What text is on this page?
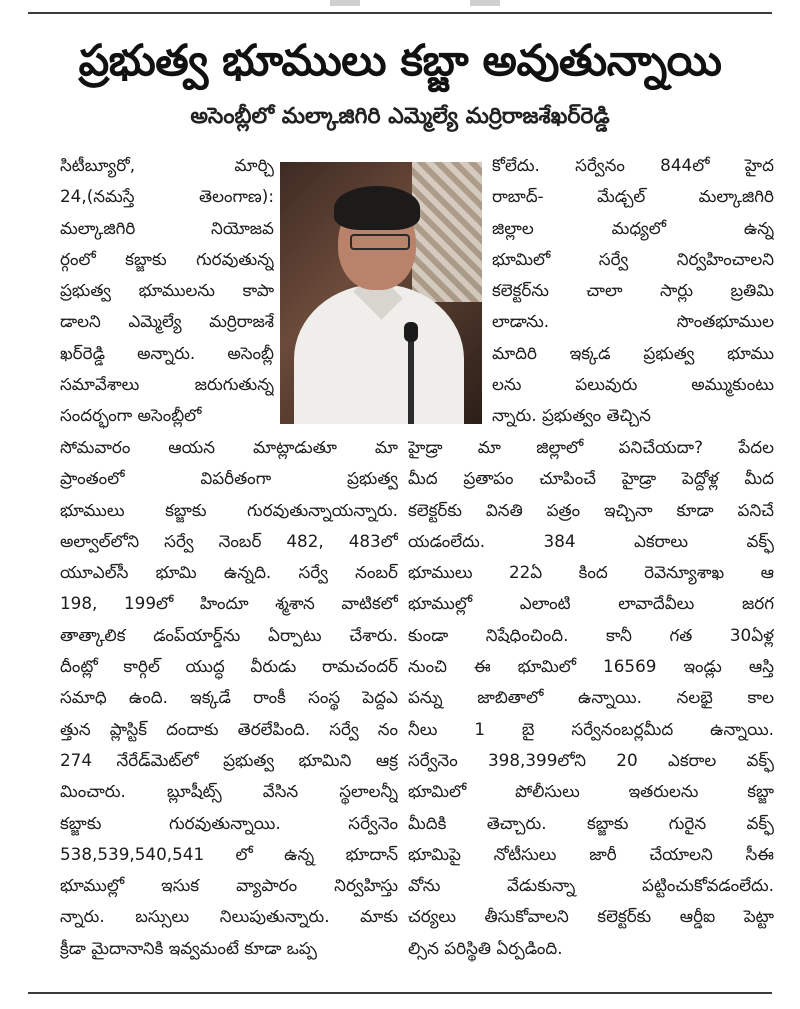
ప్రభుత్వ భూములు కబ్జా అవుతున్నాయి
అసెంబ్లీలో మల్కాజిగిరి ఎమ్మెల్యే మర్రిరాజశేఖర్‌రెడ్డి
సిటీబ్యూరో, మార్చి
24,(నమస్తే తెలంగాణ):
మల్కాజిగిరి నియోజవ
ర్గంలో కబ్జాకు గురవుతున్న
ప్రభుత్వ భూములను కాపా
డాలని ఎమ్మెల్యే మర్రిరాజశే
ఖర్‌రెడ్డి అన్నారు. అసెంబ్లీ
సమావేశాలు జరుగుతున్న
సందర్భంగా అసెంబ్లీలో
కోలేదు. సర్వేనం 844లో హైద
రాబాద్- మేడ్చల్ మల్కాజిగిరి
జిల్లాల మధ్యలో ఉన్న
భూమిలో సర్వే నిర్వహించాలని
కలెక్టర్‌ను చాలా సార్లు బ్రతిమి
లాడాను. సొంతభూముల
మాదిరి ఇక్కడ ప్రభుత్వ భూము
లను పలువురు అమ్ముకుంటు
న్నారు. ప్రభుత్వం తెచ్చిన
సోమవారం ఆయన మాట్లాడుతూ మా
ప్రాంతంలో విపరీతంగా ప్రభుత్వ
భూములు కబ్జాకు గురవుతున్నాయన్నారు.
అల్వాల్‌లోని సర్వే నెంబర్ 482, 483లో
యూఎల్‌సీ భూమి ఉన్నది. సర్వే నంబర్
198, 199లో హిందూ శ్మశాన వాటికలో
తాత్కాలిక డంప్‌యార్డ్‌ను ఏర్పాటు చేశారు.
దీంట్లో కార్గిల్ యుద్ధ వీరుడు రామచందర్
సమాధి ఉంది. ఇక్కడే రాంకీ సంస్థ పెద్దఎ
త్తున ప్లాస్టిక్ దందాకు తెరలేపింది. సర్వే నం
274 నేరేడ్‌మెట్‌లో ప్రభుత్వ భూమిని ఆక్ర
మించారు. బ్లూషీట్స్ వేసిన స్థలాలన్నీ
కబ్జాకు గురవుతున్నాయి. సర్వేనెం
538,539,540,541 లో ఉన్న భూదాన్
భూముల్లో ఇసుక వ్యాపారం నిర్వహిస్తు
న్నారు. బస్సులు నిలుపుతున్నారు. మాకు
క్రీడా మైదానానికి ఇవ్వమంటే కూడా ఒప్ప
హైడ్రా మా జిల్లాలో పనిచేయదా? పేదల
మీద ప్రతాపం చూపించే హైడ్రా పెద్దోళ్ల మీద
కలెక్టర్‌కు వినతి పత్రం ఇచ్చినా కూడా పనిచే
యడంలేదు. 384 ఎకరాలు వక్ఫ్
భూములు 22ఏ కింద రెవెన్యూశాఖ ఆ
భూముల్లో ఎలాంటి లావాదేవీలు జరగ
కుండా నిషేధించింది. కానీ గత 30ఏళ్ల
నుంచి ఈ భూమిలో 16569 ఇండ్లు ఆస్తి
పన్ను జాబితాలో ఉన్నాయి. నలభై కాల
నీలు 1 బై సర్వేనంబర్లమీద ఉన్నాయి.
సర్వేనెం 398,399లోని 20 ఎకరాల వక్ఫ్
భూమిలో పోలీసులు ఇతరులను కబ్జా
మీదికి తెచ్చారు. కబ్జాకు గురైన వక్ఫ్
భూమిపై నోటీసులు జారీ చేయాలని సీఈ
వోను వేడుకున్నా పట్టించుకోవడంలేదు.
చర్యలు తీసుకోవాలని కలెక్టర్‌కు ఆర్డీఐ పెట్టా
ల్సిన పరిస్థితి ఏర్పడింది.
